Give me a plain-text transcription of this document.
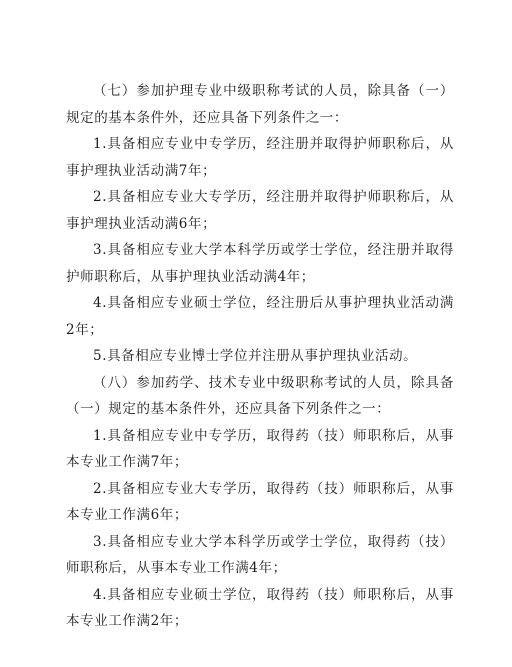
（七）参加护理专业中级职称考试的人员，除具备（一）规定的基本条件外，还应具备下列条件之一：

1.具备相应专业中专学历，经注册并取得护师职称后，从事护理执业活动满7年；

2.具备相应专业大专学历，经注册并取得护师职称后，从事护理执业活动满6年；

3.具备相应专业大学本科学历或学士学位，经注册并取得护师职称后，从事护理执业活动满4年；

4.具备相应专业硕士学位，经注册后从事护理执业活动满2年；

5.具备相应专业博士学位并注册从事护理执业活动。

（八）参加药学、技术专业中级职称考试的人员，除具备（一）规定的基本条件外，还应具备下列条件之一：

1.具备相应专业中专学历，取得药（技）师职称后，从事本专业工作满7年；

2.具备相应专业大专学历，取得药（技）师职称后，从事本专业工作满6年；

3.具备相应专业大学本科学历或学士学位，取得药（技）师职称后，从事本专业工作满4年；

4.具备相应专业硕士学位，取得药（技）师职称后，从事本专业工作满2年；
